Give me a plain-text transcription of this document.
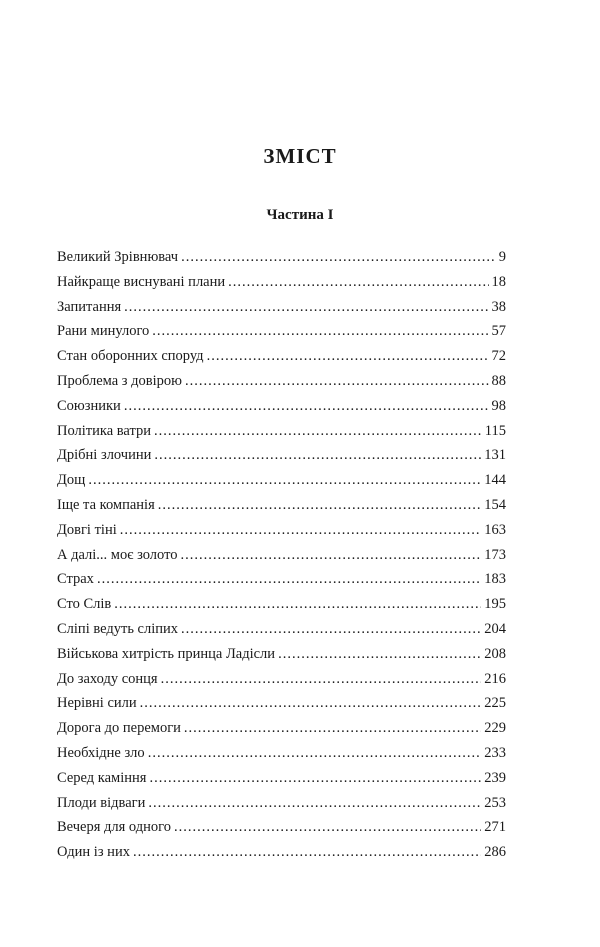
ЗМІСТ
Частина І
Великий Зрівнювач .....	9
Найкраще виснувані плани .....	18
Запитання .....	38
Рани минулого .....	57
Стан оборонних споруд .....	72
Проблема з довірою .....	88
Союзники .....	98
Політика ватри .....	115
Дрібні злочини .....	131
Дощ .....	144
Іще та компанія .....	154
Довгі тіні .....	163
А далі... моє золото .....	173
Страх .....	183
Сто Слів .....	195
Сліпі ведуть сліпих .....	204
Військова хитрість принца Ладісли .....	208
До заходу сонця .....	216
Нерівні сили .....	225
Дорога до перемоги .....	229
Необхідне зло .....	233
Серед каміння .....	239
Плоди відваги .....	253
Вечеря для одного .....	271
Один із них .....	286
